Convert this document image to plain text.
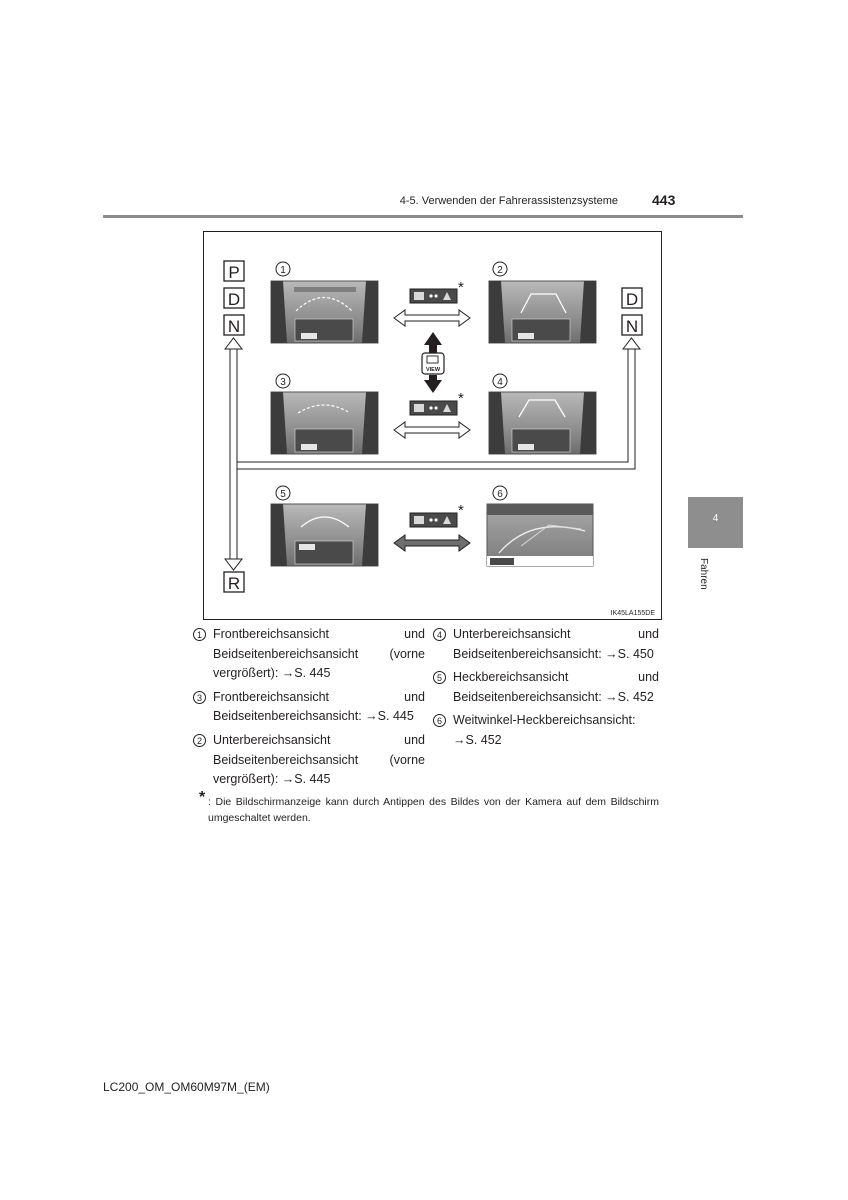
4-5. Verwenden der Fahrerassistenzsysteme 443
4
Fahren
P
D
N
D
N
R
1	2
3	4
5	6
*
*
*
VIEW
IK45LA155DE
1 Frontbereichsansicht und Beidseitenbereichsansicht (vorne vergrößert): →S. 445
3 Frontbereichsansicht und Beidseitenbereichsansicht: →S. 445
2 Unterbereichsansicht und Beidseitenbereichsansicht (vorne vergrößert): →S. 445
4 Unterbereichsansicht und Beidseitenbereichsansicht: →S. 450
5 Heckbereichsansicht und Beidseitenbereichsansicht: →S. 452
6 Weitwinkel-Heckbereichsansicht: →S. 452
* : Die Bildschirmanzeige kann durch Antippen des Bildes von der Kamera auf dem Bildschirm umgeschaltet werden.
LC200_OM_OM60M97M_(EM)
